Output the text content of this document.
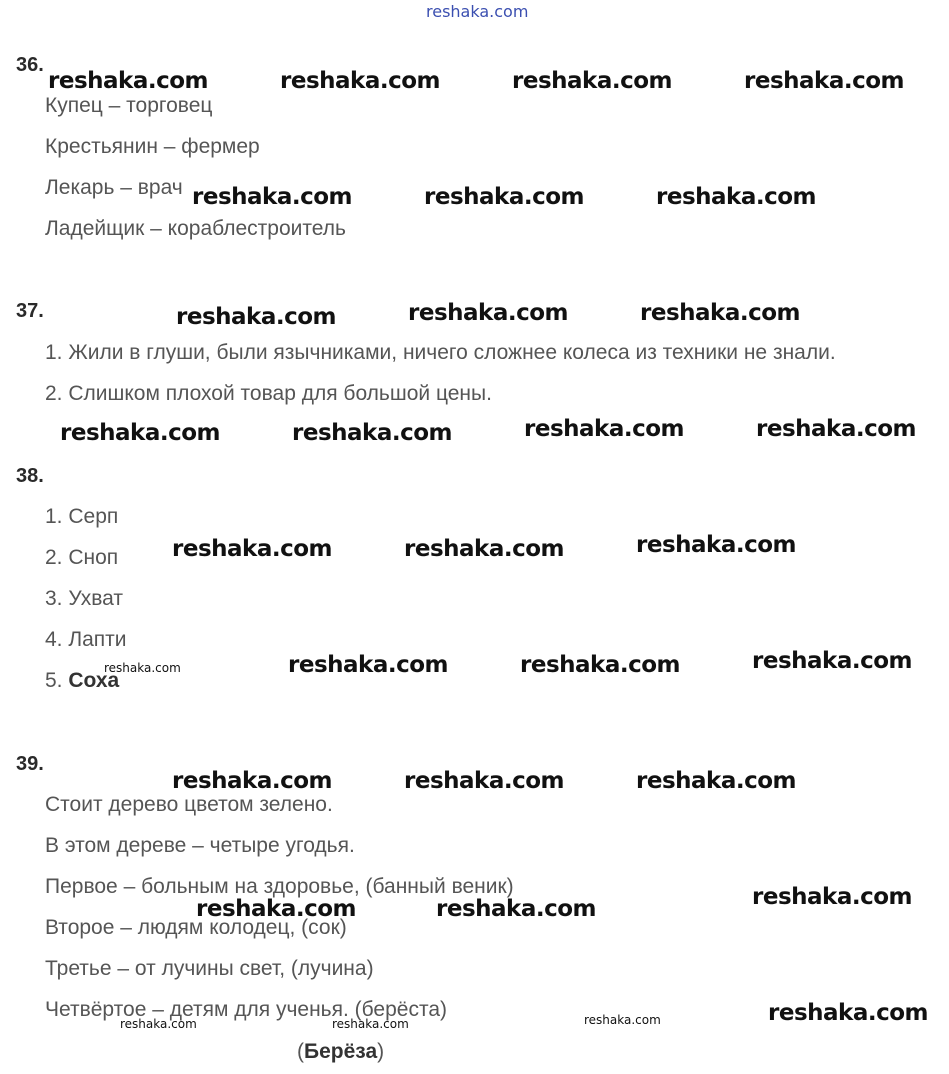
reshaka.com
36.
Купец – торговец
Крестьянин – фермер
Лекарь – врач
Ладейщик – кораблестроитель
37.
1. Жили в глуши, были язычниками, ничего сложнее колеса из техники не знали.
2. Слишком плохой товар для большой цены.
38.
1. Серп
2. Сноп
3. Ухват
4. Лапти
5. Соха
39.
Стоит дерево цветом зелено.
В этом дереве – четыре угодья.
Первое – больным на здоровье, (банный веник)
Второе – людям колодец, (сок)
Третье – от лучины свет, (лучина)
Четвёртое – детям для ученья. (берёста)
(Берёза)
reshaka.com	reshaka.com	reshaka.com	reshaka.com
reshaka.com	reshaka.com	reshaka.com
reshaka.com	reshaka.com	reshaka.com
reshaka.com	reshaka.com	reshaka.com	reshaka.com
reshaka.com	reshaka.com	reshaka.com
reshaka.com	reshaka.com	reshaka.com
reshaka.com	reshaka.com	reshaka.com
reshaka.com	reshaka.com	reshaka.com
reshaka.com
reshaka.com
reshaka.com	reshaka.com	reshaka.com
